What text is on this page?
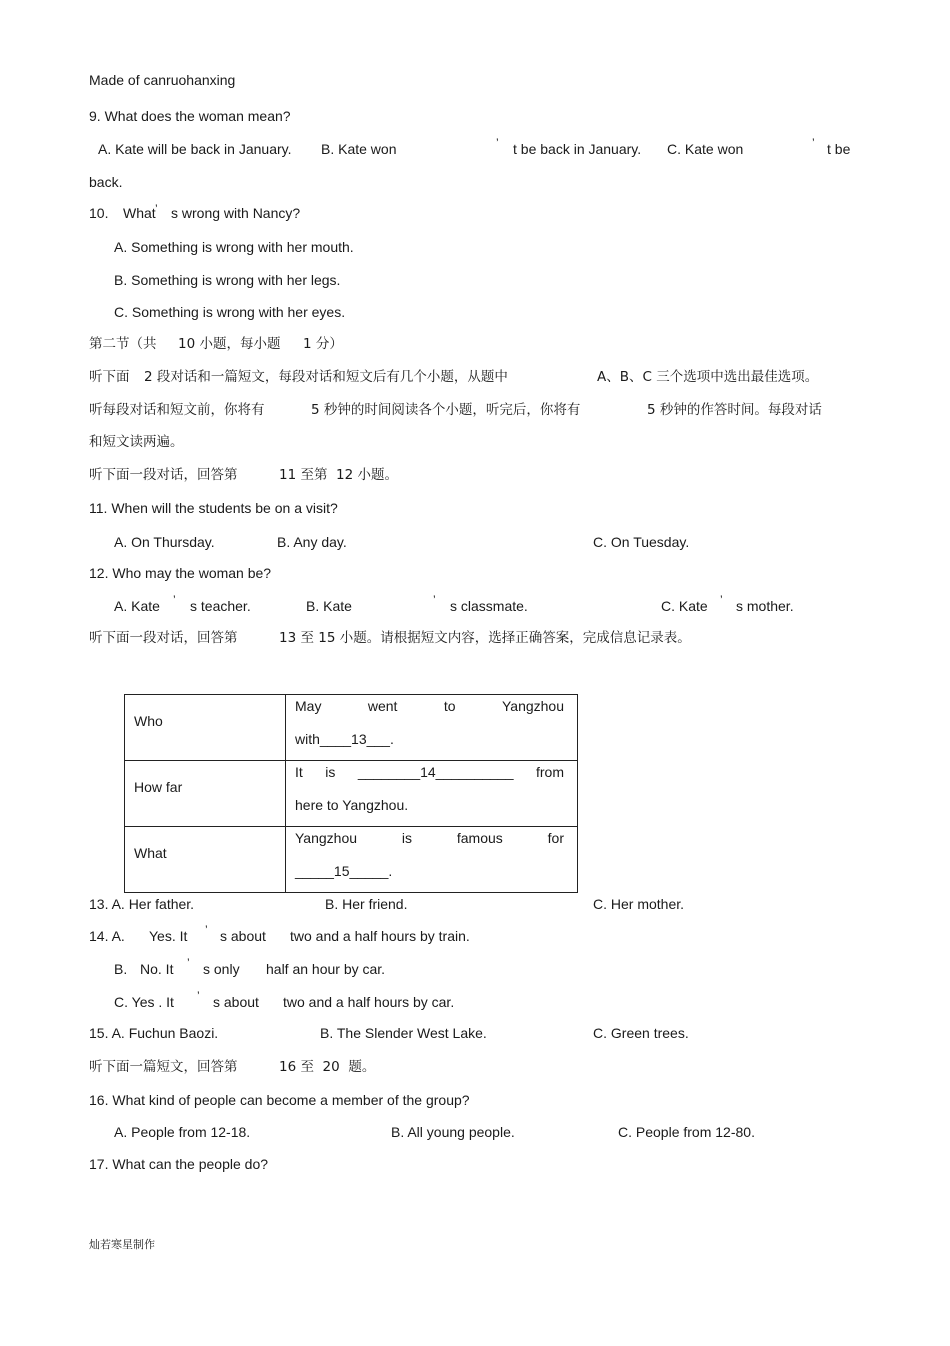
Made of canruohanxing
9. What does the woman mean?
A. Kate will be back in January. B. Kate won	’ t be back in January. C. Kate won	’ t be
back.
10. What ’ s wrong with Nancy?
A. Something is wrong with her mouth.
B. Something is wrong with her legs.
C. Something is wrong with her eyes.
第二节（共 10 小题，每小题 1 分）
听下面 2 段对话和一篇短文，每段对话和短文后有几个小题，从题中	A、B、C 三个选项中选出最佳选项。
听每段对话和短文前，你将有	5 秒钟的时间阅读各个小题，听完后，你将有	5 秒钟的作答时间。每段对话
和短文读两遍。
听下面一段对话，回答第	11 至第  12 小题。
11. When will the students be on a visit?
A. On Thursday.	B. Any day.	C. On Tuesday.
12. Who may the woman be?
A. Kate ’ s teacher.	B. Kate	’ s classmate.	C. Kate ’ s mother.
听下面一段对话，回答第	13 至 15 小题。请根据短文内容，选择正确答案，完成信息记录表。
Who	May went to Yangzhou
with____13___.

How far	It is ________14__________ from
here to Yangzhou.

What	Yangzhou is famous for
_____15_____.
13. A. Her father.	B. Her friend.	C. Her mother.
14. A. Yes. It ’ s about two and a half hours by train.
B. No. It ’ s only half an hour by car.
C. Yes . It ’ s about two and a half hours by car.
15. A. Fuchun Baozi.	B. The Slender West Lake.	C. Green trees.
听下面一篇短文，回答第	16 至  20  题。
16. What kind of people can become a member of the group?
A. People from 12-18.	B. All young people.	C. People from 12-80.
17. What can the people do?
灿若寒星制作
